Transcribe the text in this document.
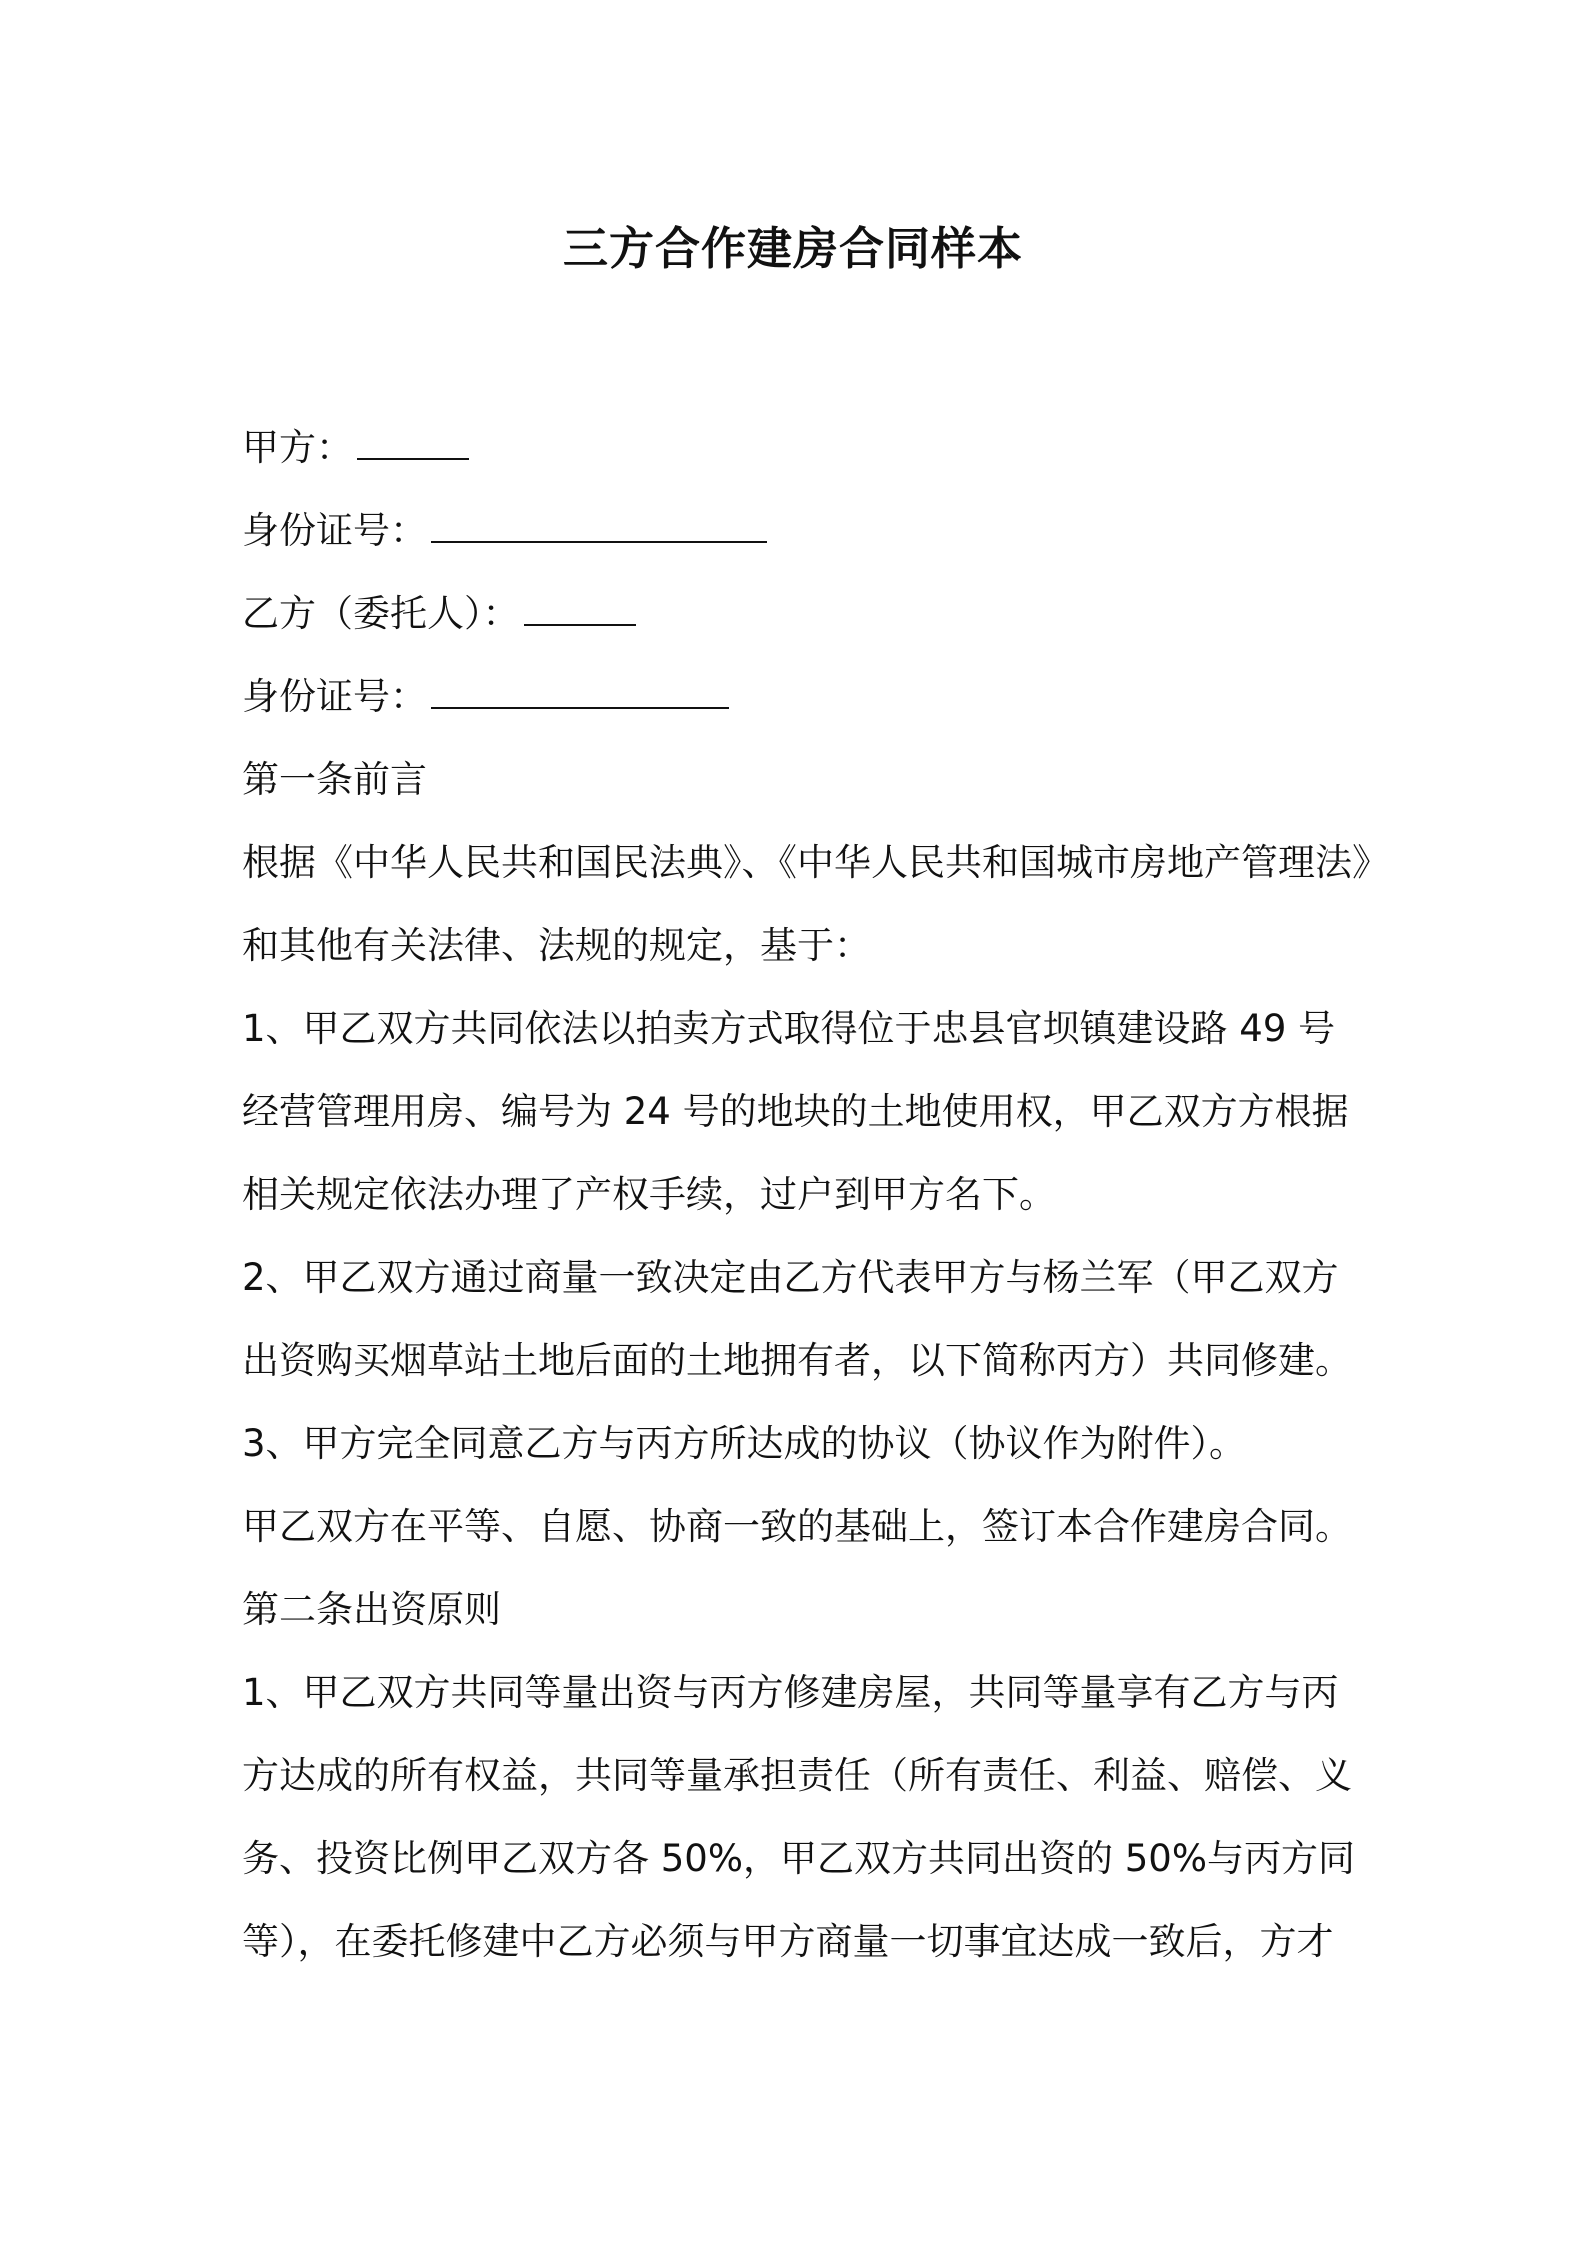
三方合作建房合同样本
甲方：
身份证号：
乙方（委托人）：
身份证号：
第一条前言
根据《中华人民共和国民法典》、《中华人民共和国城市房地产管理法》
和其他有关法律、法规的规定，基于：
1、甲乙双方共同依法以拍卖方式取得位于忠县官坝镇建设路 49 号
经营管理用房、编号为 24 号的地块的土地使用权，甲乙双方方根据
相关规定依法办理了产权手续，过户到甲方名下。
2、甲乙双方通过商量一致决定由乙方代表甲方与杨兰军（甲乙双方
出资购买烟草站土地后面的土地拥有者，以下简称丙方）共同修建。
3、甲方完全同意乙方与丙方所达成的协议（协议作为附件）。
甲乙双方在平等、自愿、协商一致的基础上，签订本合作建房合同。
第二条出资原则
1、甲乙双方共同等量出资与丙方修建房屋，共同等量享有乙方与丙
方达成的所有权益，共同等量承担责任（所有责任、利益、赔偿、义
务、投资比例甲乙双方各 50%，甲乙双方共同出资的 50%与丙方同
等），在委托修建中乙方必须与甲方商量一切事宜达成一致后，方才
